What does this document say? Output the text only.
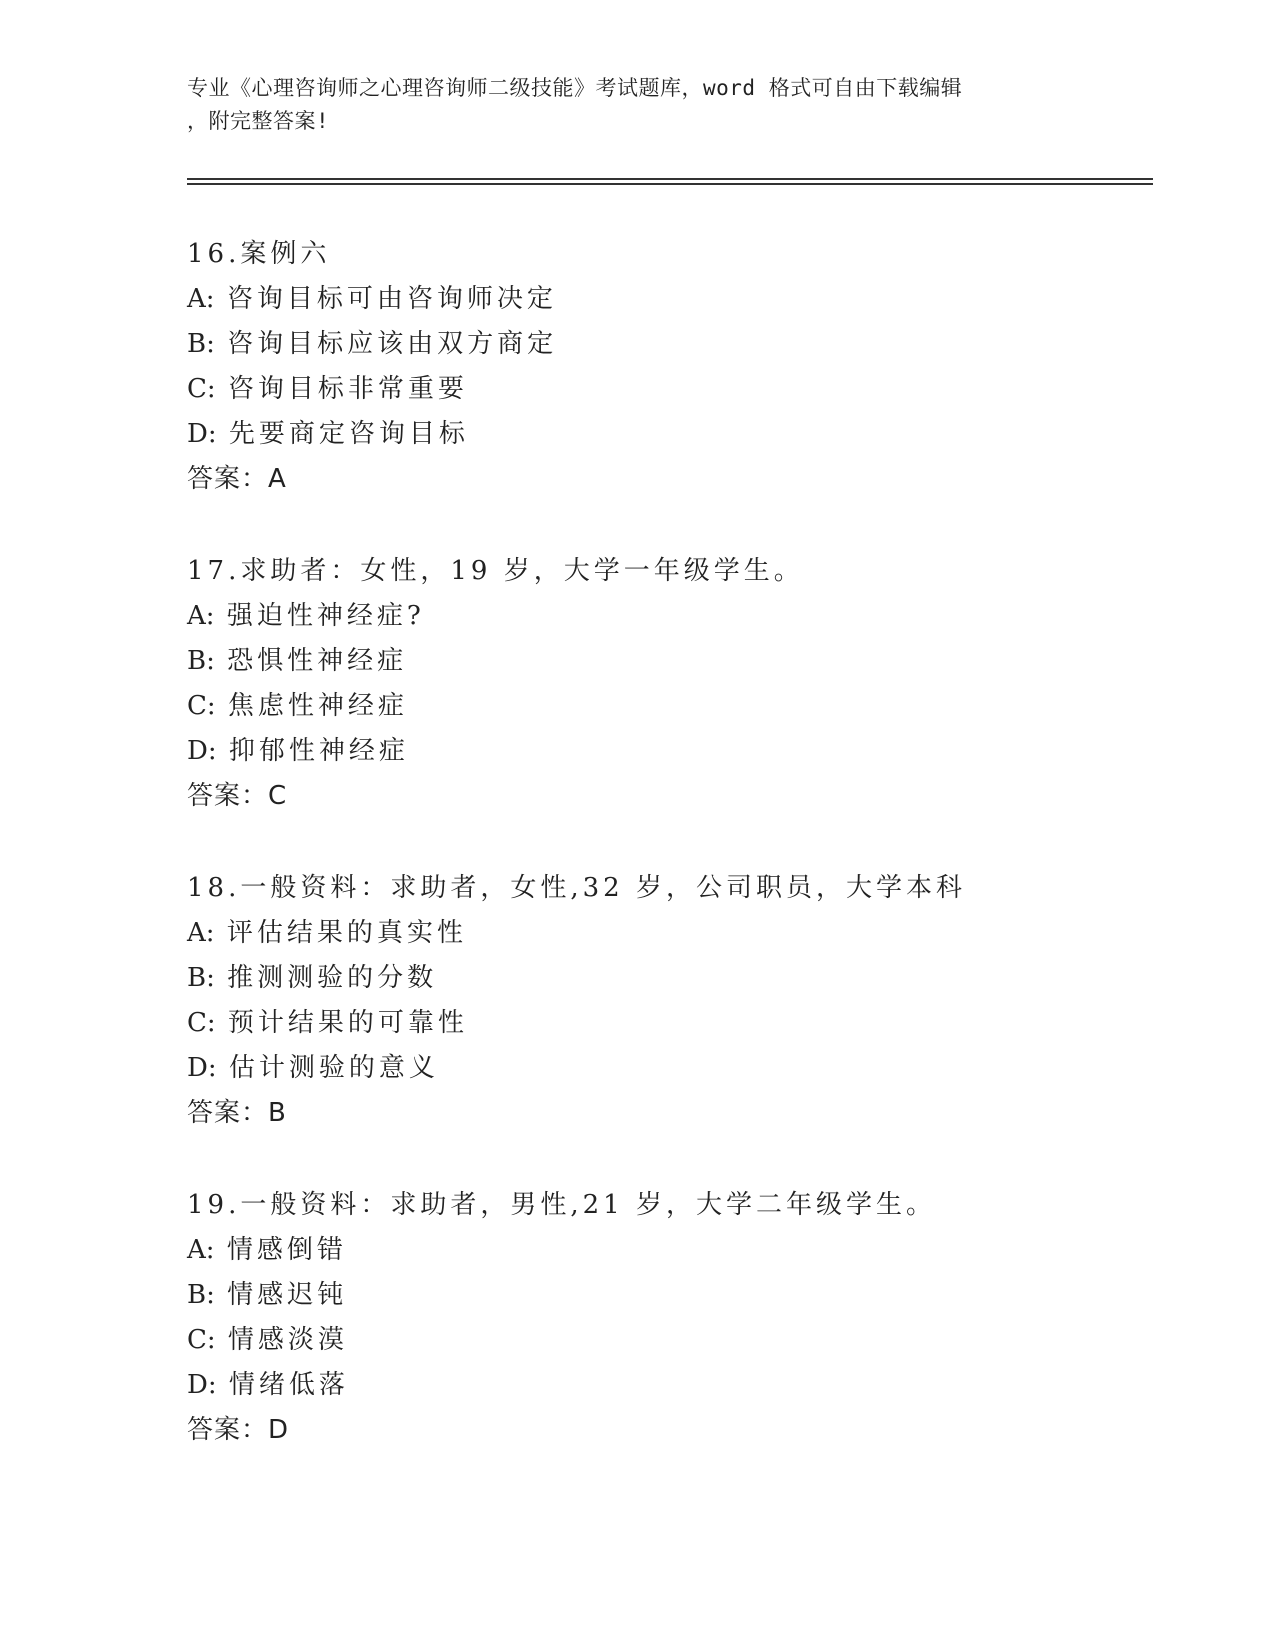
专业《心理咨询师之心理咨询师二级技能》考试题库，word 格式可自由下载编辑
，附完整答案!
16.案例六
A: 咨询目标可由咨询师决定
B: 咨询目标应该由双方商定
C: 咨询目标非常重要
D: 先要商定咨询目标
答案：A
17.求助者：女性，19 岁，大学一年级学生。
A: 强迫性神经症?
B: 恐惧性神经症
C: 焦虑性神经症
D: 抑郁性神经症
答案：C
18.一般资料：求助者，女性,32 岁，公司职员，大学本科
A: 评估结果的真实性
B: 推测测验的分数
C: 预计结果的可靠性
D: 估计测验的意义
答案：B
19.一般资料：求助者，男性,21 岁，大学二年级学生。
A: 情感倒错
B: 情感迟钝
C: 情感淡漠
D: 情绪低落
答案：D
